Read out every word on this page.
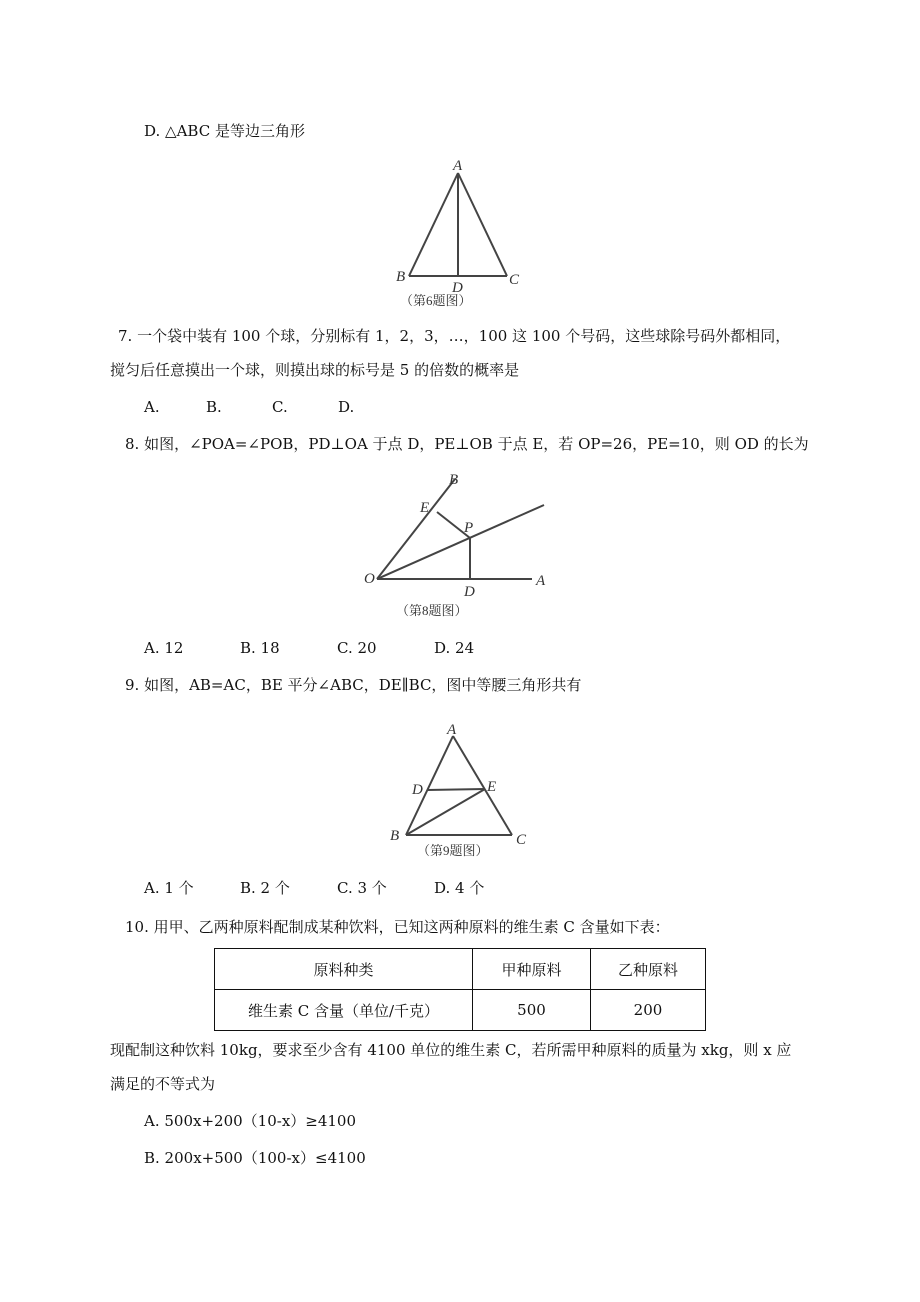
D. △ABC 是等边三角形
A
B	C
D
（第6题图）
7. 一个袋中装有 100 个球，分别标有 1，2，3，…，100 这 100 个号码，这些球除号码外都相同，
搅匀后任意摸出一个球，则摸出球的标号是 5 的倍数的概率是
A.	B.	C.	D.
8. 如图，∠POA=∠POB，PD⊥OA 于点 D，PE⊥OB 于点 E，若 OP=26，PE=10，则 OD 的长为
B
E
P
O	A
D
（第8题图）
A. 12	B. 18	C. 20	D. 24
9. 如图，AB=AC，BE 平分∠ABC，DE∥BC，图中等腰三角形共有
A
D	E
B	C
（第9题图）
A. 1 个	B. 2 个	C. 3 个	D. 4 个
10. 用甲、乙两种原料配制成某种饮料，已知这两种原料的维生素 C 含量如下表：
原料种类	甲种原料	乙种原料
维生素 C 含量（单位/千克）	500	200
现配制这种饮料 10kg，要求至少含有 4100 单位的维生素 C，若所需甲种原料的质量为 xkg，则 x 应
满足的不等式为
A. 500x+200（10-x）≥4100
B. 200x+500（100-x）≤4100
